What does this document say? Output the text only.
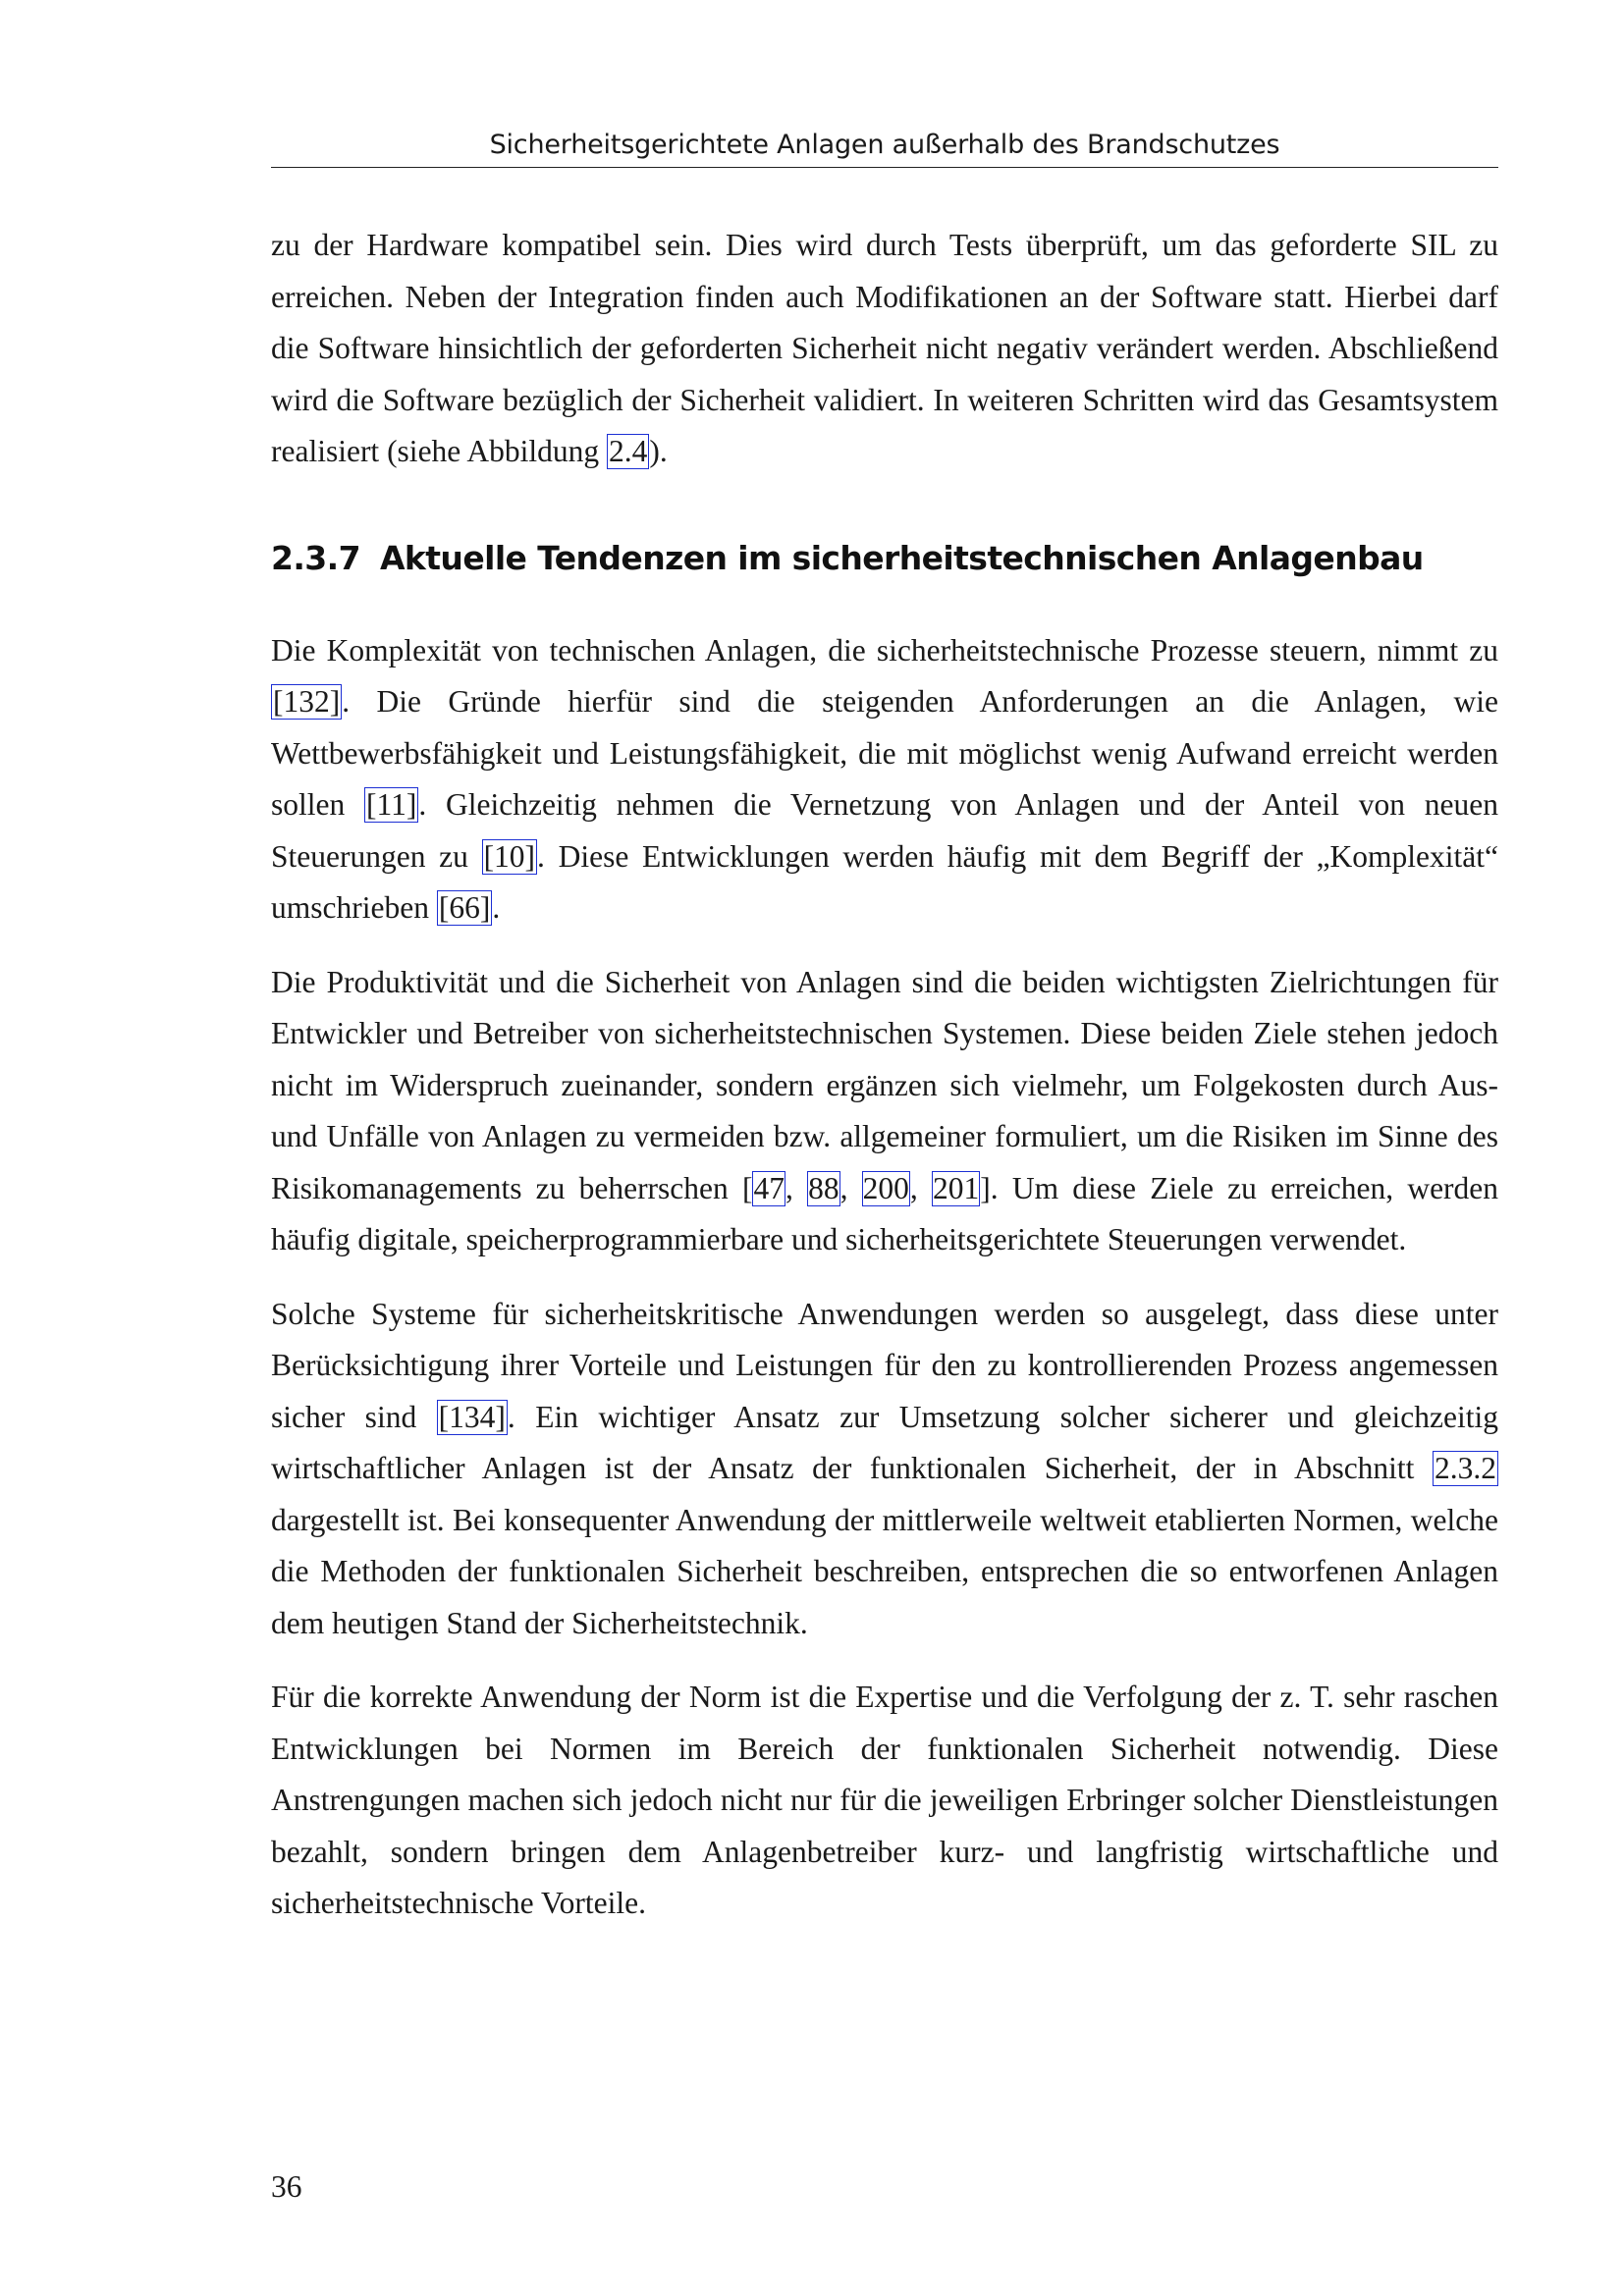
Sicherheitsgerichtete Anlagen außerhalb des Brandschutzes

zu der Hardware kompatibel sein. Dies wird durch Tests überprüft, um das geforderte SIL zu erreichen. Neben der Integration finden auch Modifikationen an der Software statt. Hierbei darf die Software hinsichtlich der geforderten Sicherheit nicht negativ verändert werden. Abschließend wird die Software bezüglich der Sicherheit validiert. In weiteren Schritten wird das Gesamtsystem realisiert (siehe Abbildung 2.4).

2.3.7 Aktuelle Tendenzen im sicherheitstechnischen Anlagenbau

Die Komplexität von technischen Anlagen, die sicherheitstechnische Prozesse steuern, nimmt zu [132]. Die Gründe hierfür sind die steigenden Anforderungen an die Anlagen, wie Wettbewerbsfähigkeit und Leistungsfähigkeit, die mit möglichst wenig Aufwand erreicht werden sollen [11]. Gleichzeitig nehmen die Vernetzung von Anlagen und der Anteil von neuen Steuerungen zu [10]. Diese Entwicklungen werden häufig mit dem Begriff der „Komplexität“ umschrieben [66].

Die Produktivität und die Sicherheit von Anlagen sind die beiden wichtigsten Zielrichtungen für Entwickler und Betreiber von sicherheitstechnischen Systemen. Diese beiden Ziele stehen jedoch nicht im Widerspruch zueinander, sondern ergänzen sich vielmehr, um Folgekosten durch Aus- und Unfälle von Anlagen zu vermeiden bzw. allgemeiner formuliert, um die Risiken im Sinne des Risikomanagements zu beherrschen [47, 88, 200, 201]. Um diese Ziele zu erreichen, werden häufig digitale, speicherprogrammierbare und sicherheitsgerichtete Steuerungen verwendet.

Solche Systeme für sicherheitskritische Anwendungen werden so ausgelegt, dass diese unter Berücksichtigung ihrer Vorteile und Leistungen für den zu kontrollierenden Prozess angemessen sicher sind [134]. Ein wichtiger Ansatz zur Umsetzung solcher sicherer und gleichzeitig wirtschaftlicher Anlagen ist der Ansatz der funktionalen Sicherheit, der in Abschnitt 2.3.2 dargestellt ist. Bei konsequenter Anwendung der mittlerweile weltweit etablierten Normen, welche die Methoden der funktionalen Sicherheit beschreiben, entsprechen die so entworfenen Anlagen dem heutigen Stand der Sicherheitstechnik.

Für die korrekte Anwendung der Norm ist die Expertise und die Verfolgung der z. T. sehr raschen Entwicklungen bei Normen im Bereich der funktionalen Sicherheit notwendig. Diese Anstrengungen machen sich jedoch nicht nur für die jeweiligen Erbringer solcher Dienstleistungen bezahlt, sondern bringen dem Anlagenbetreiber kurz- und langfristig wirtschaftliche und sicherheitstechnische Vorteile.

36
